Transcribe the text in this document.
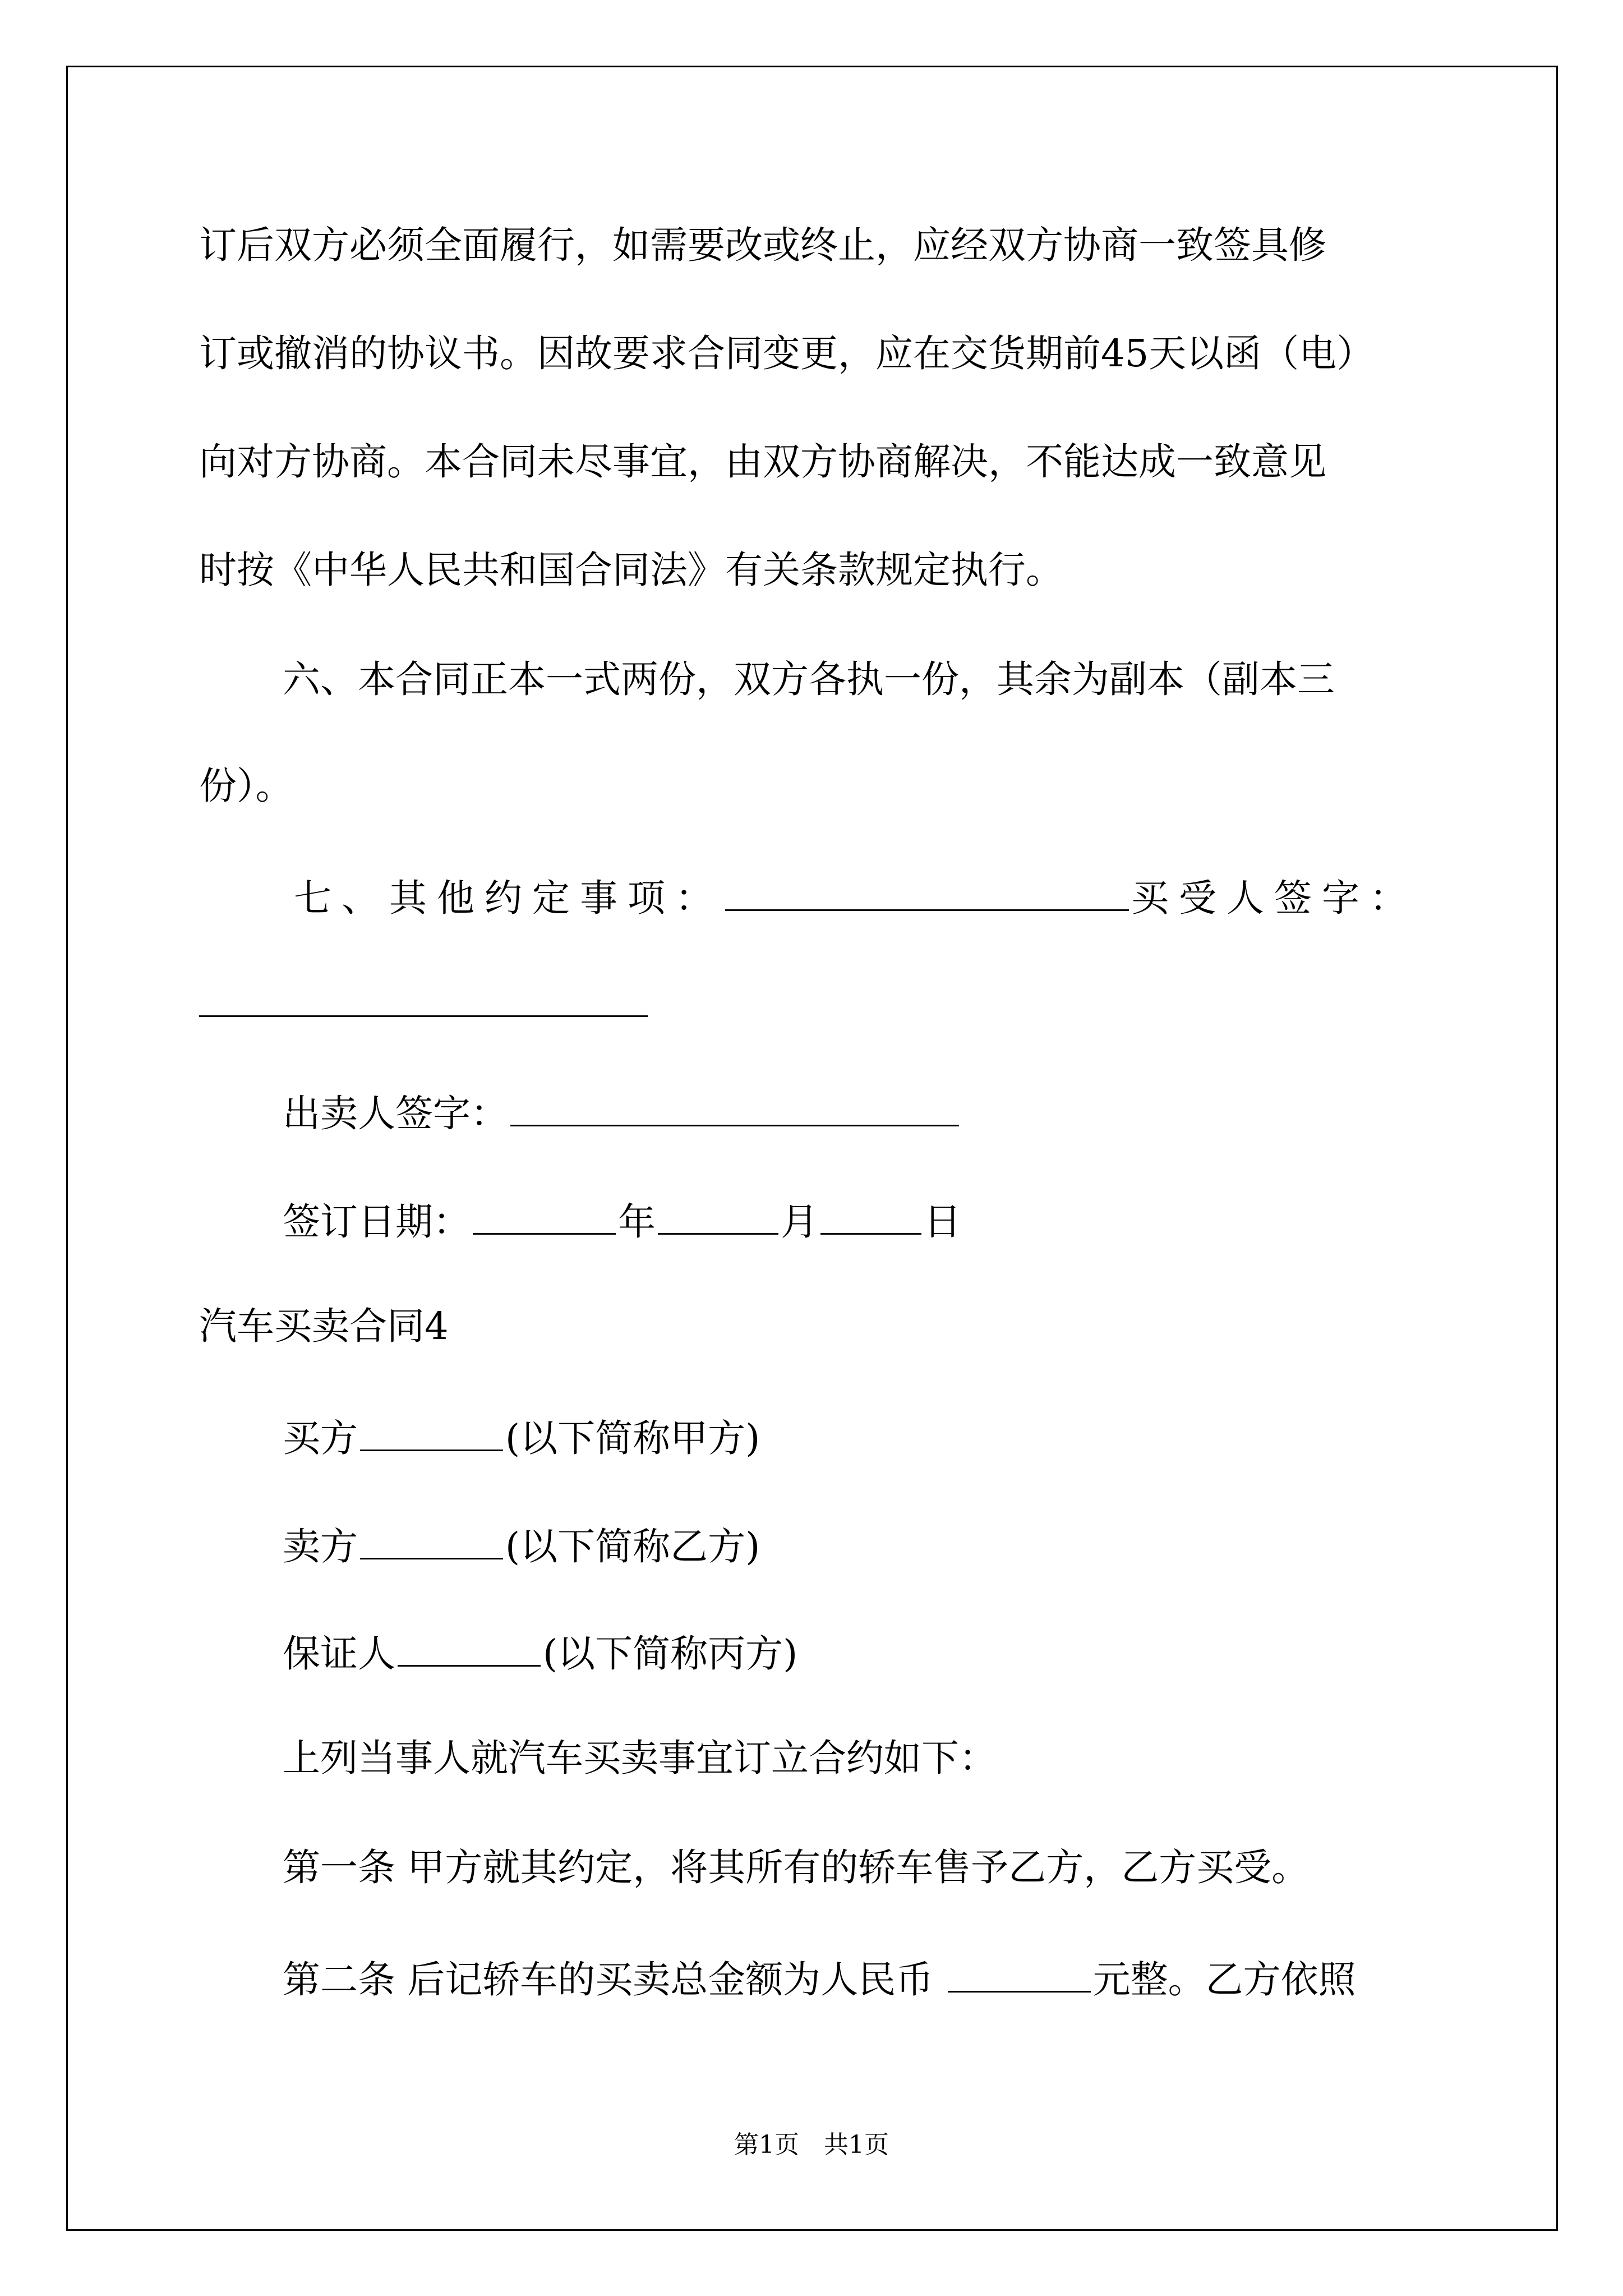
订后双方必须全面履行，如需要改或终止，应经双方协商一致签具修
订或撤消的协议书。因故要求合同变更，应在交货期前45天以函（电）
向对方协商。本合同未尽事宜，由双方协商解决，不能达成一致意见
时按《中华人民共和国合同法》有关条款规定执行。
六、本合同正本一式两份，双方各执一份，其余为副本（副本三
份）。
七、其他约定事项：	买受人签字：
出卖人签字：
签订日期：	年	月	日
汽车买卖合同4
买方	(以下简称甲方)
卖方	(以下简称乙方)
保证人	(以下简称丙方)
上列当事人就汽车买卖事宜订立合约如下：
第一条 甲方就其约定，将其所有的轿车售予乙方，乙方买受。
第二条 后记轿车的买卖总金额为人民币	元整。乙方依照
第1页　共1页
